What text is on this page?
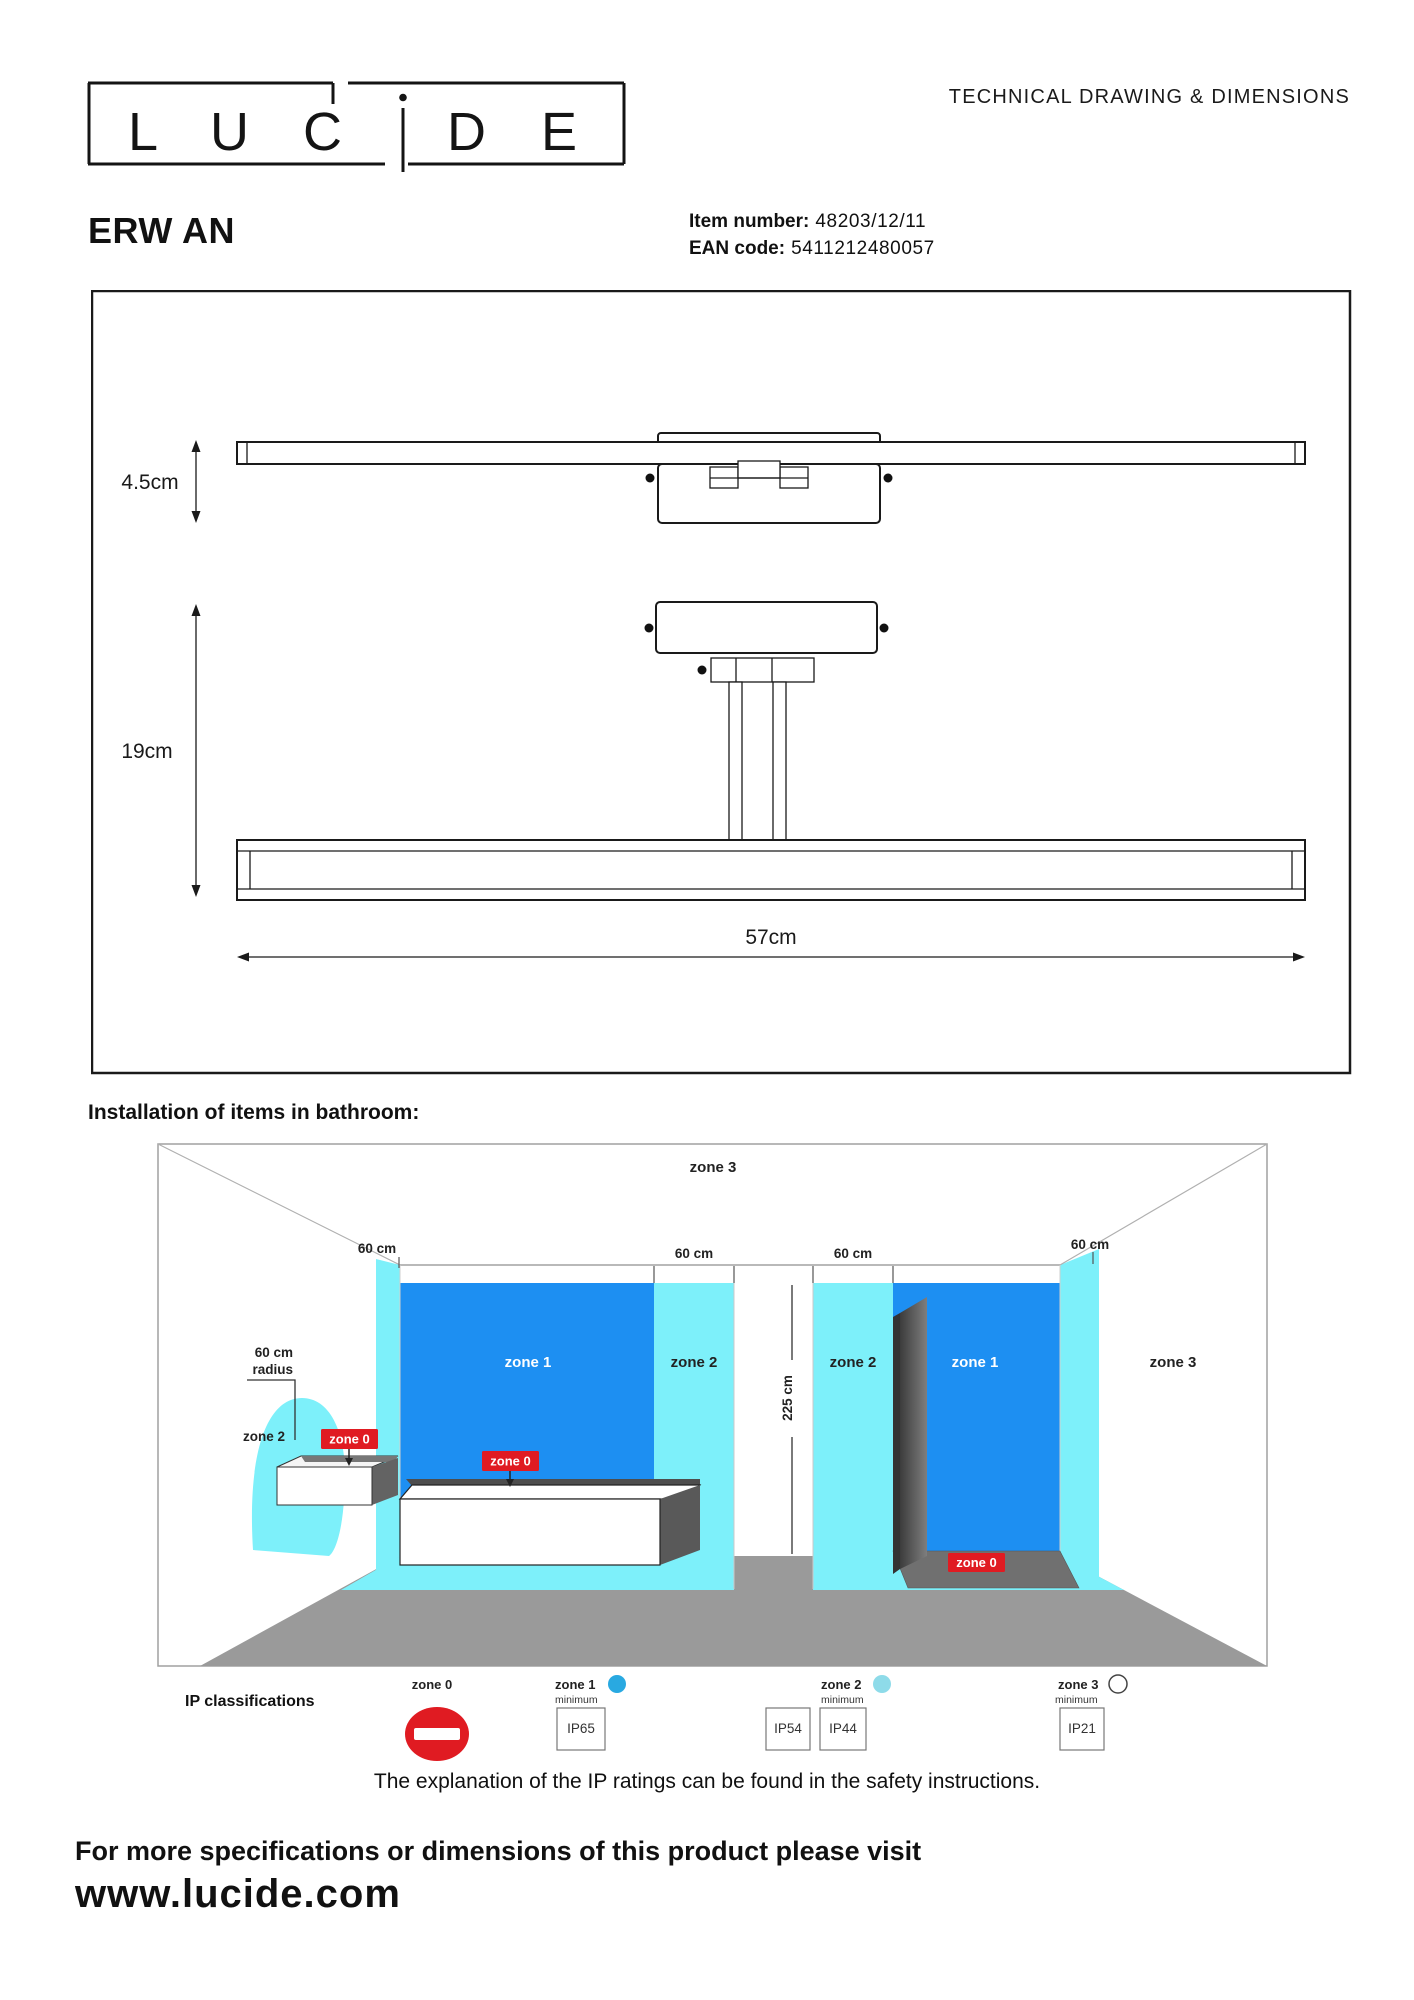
L U C D E
TECHNICAL DRAWING & DIMENSIONS
ERW AN	Item number: 48203/12/11
EAN code: 5411212480057
4.5cm
19cm
57cm
Installation of items in bathroom:
60 cm	60 cm	60 cm
60 cm
225 cm
60 cm
radius
zone 2
zone 3
zone 1	zone 2	zone 2	zone 1	zone 3
zone 0
zone 0
zone 0
IP classifications
zone 0	zone 1
minimum
IP65
zone 2
minimum
IP54 IP44
zone 3
minimum
IP21
The explanation of the IP ratings can be found in the safety instructions.
For more specifications or dimensions of this product please visit
www.lucide.com
